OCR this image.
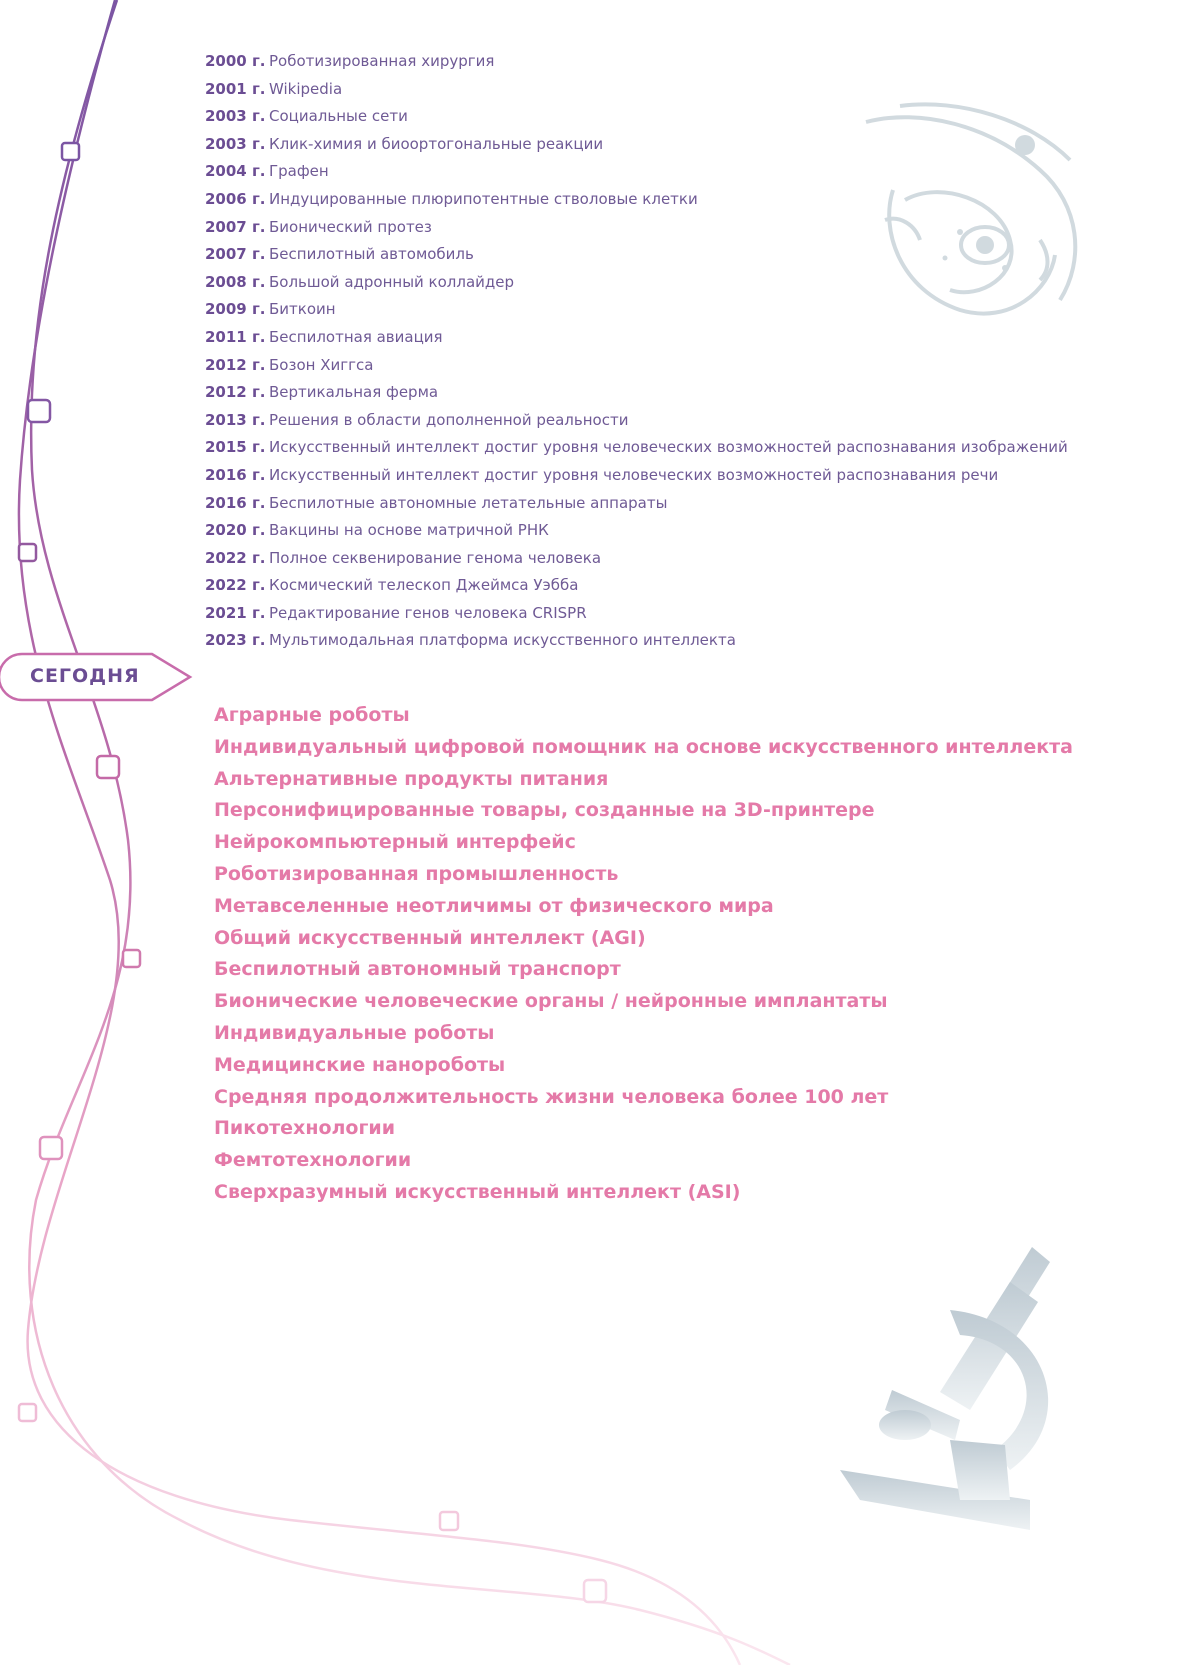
2000 г. Роботизированная хирургия
2001 г. Wikipedia
2003 г. Социальные сети
2003 г. Клик-химия и биоортогональные реакции
2004 г. Графен
2006 г. Индуцированные плюрипотентные стволовые клетки
2007 г. Бионический протез
2007 г. Беспилотный автомобиль
2008 г. Большой адронный коллайдер
2009 г. Биткоин
2011 г. Беспилотная авиация
2012 г. Бозон Хиггса
2012 г. Вертикальная ферма
2013 г. Решения в области дополненной реальности
2015 г. Искусственный интеллект достиг уровня человеческих возможностей распознавания изображений
2016 г. Искусственный интеллект достиг уровня человеческих возможностей распознавания речи
2016 г. Беспилотные автономные летательные аппараты
2020 г. Вакцины на основе матричной РНК
2022 г. Полное секвенирование генома человека
2022 г. Космический телескоп Джеймса Уэбба
2021 г. Редактирование генов человека CRISPR
2023 г. Мультимодальная платформа искусственного интеллекта
СЕГОДНЯ
Аграрные роботы
Индивидуальный цифровой помощник на основе искусственного интеллекта
Альтернативные продукты питания
Персонифицированные товары, созданные на 3D-принтере
Нейрокомпьютерный интерфейс
Роботизированная промышленность
Метавселенные неотличимы от физического мира
Общий искусственный интеллект (AGI)
Беспилотный автономный транспорт
Бионические человеческие органы / нейронные имплантаты
Индивидуальные роботы
Медицинские нанороботы
Средняя продолжительность жизни человека более 100 лет
Пикотехнологии
Фемтотехнологии
Сверхразумный искусственный интеллект (ASI)
